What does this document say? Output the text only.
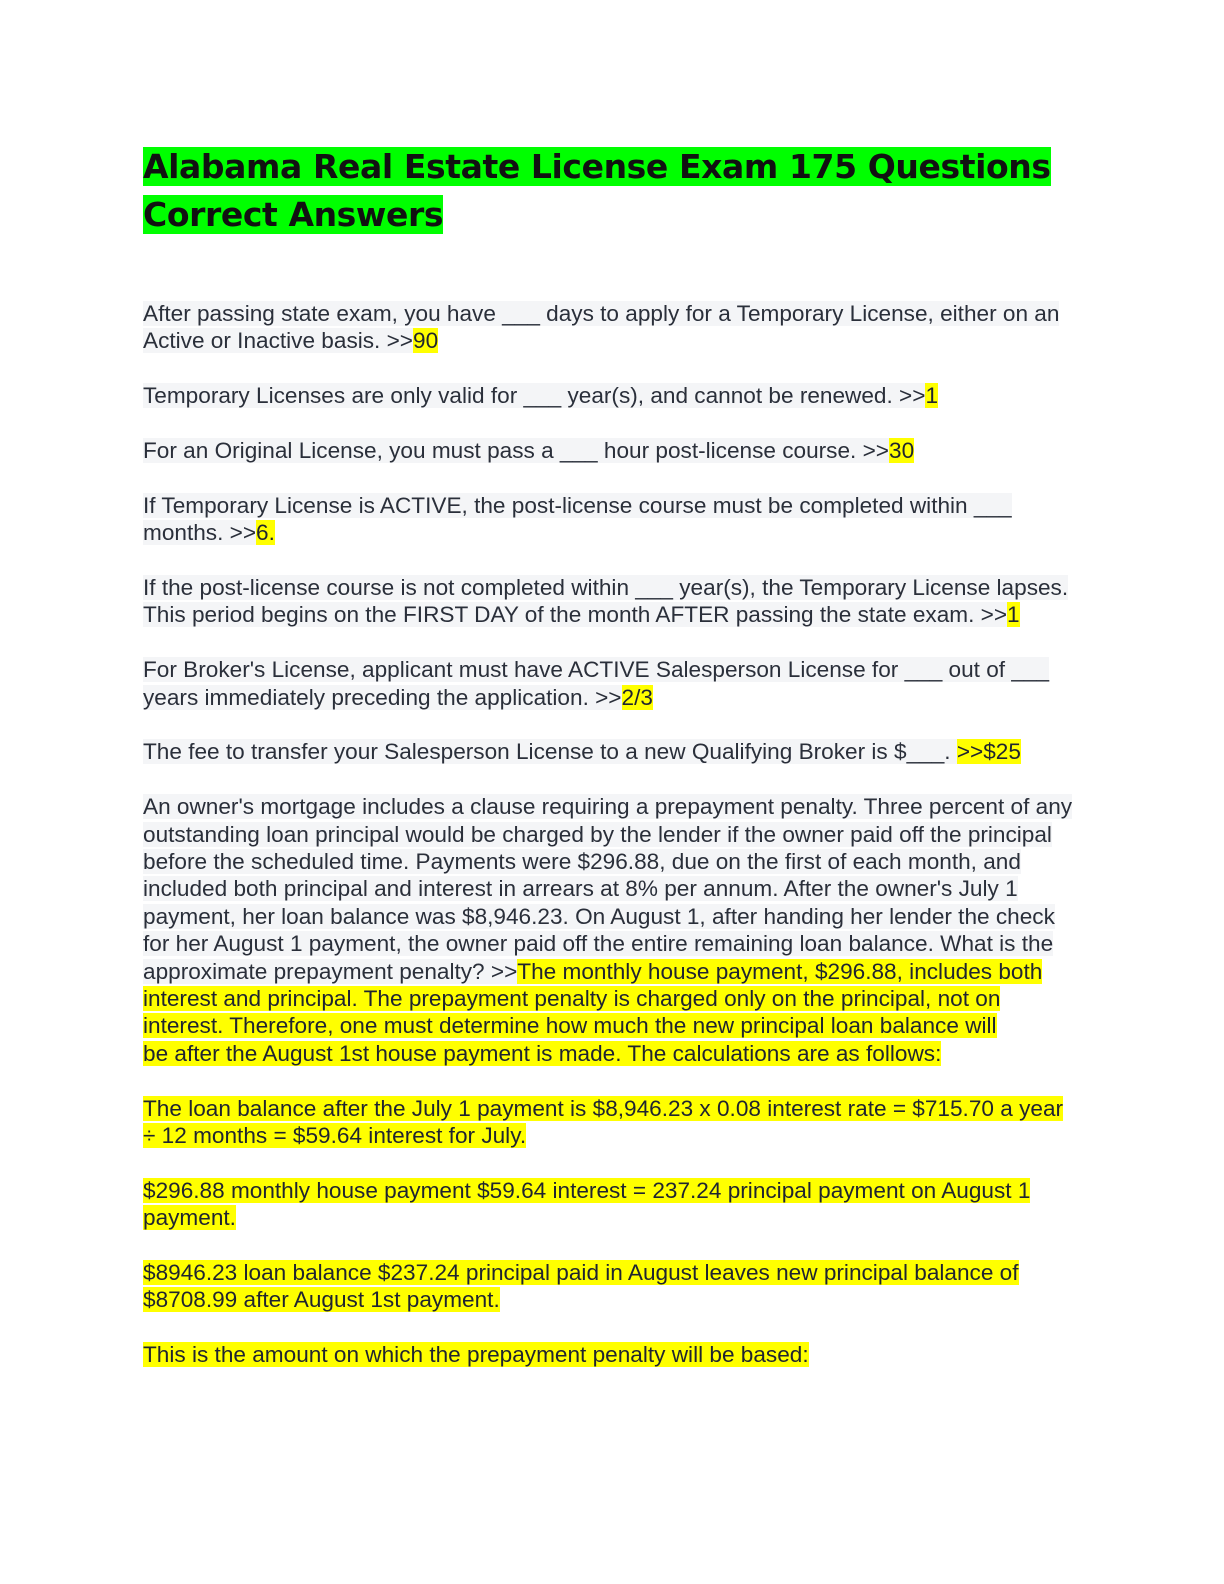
Alabama Real Estate License Exam 175 Questions Correct Answers

After passing state exam, you have ___ days to apply for a Temporary License, either on an Active or Inactive basis. >>90

Temporary Licenses are only valid for ___ year(s), and cannot be renewed. >>1

For an Original License, you must pass a ___ hour post-license course. >>30

If Temporary License is ACTIVE, the post-license course must be completed within ___ months. >>6.

If the post-license course is not completed within ___ year(s), the Temporary License lapses. This period begins on the FIRST DAY of the month AFTER passing the state exam. >>1

For Broker's License, applicant must have ACTIVE Salesperson License for ___ out of ___ years immediately preceding the application. >>2/3

The fee to transfer your Salesperson License to a new Qualifying Broker is $___. >>$25

An owner's mortgage includes a clause requiring a prepayment penalty. Three percent of any outstanding loan principal would be charged by the lender if the owner paid off the principal before the scheduled time. Payments were $296.88, due on the first of each month, and included both principal and interest in arrears at 8% per annum. After the owner's July 1 payment, her loan balance was $8,946.23. On August 1, after handing her lender the check for her August 1 payment, the owner paid off the entire remaining loan balance. What is the approximate prepayment penalty? >>The monthly house payment, $296.88, includes both interest and principal. The prepayment penalty is charged only on the principal, not on interest. Therefore, one must determine how much the new principal loan balance will
be after the August 1st house payment is made. The calculations are as follows:

The loan balance after the July 1 payment is $8,946.23 x 0.08 interest rate = $715.70 a year ÷ 12 months = $59.64 interest for July.

$296.88 monthly house payment $59.64 interest = 237.24 principal payment on August 1 payment.

$8946.23 loan balance $237.24 principal paid in August leaves new principal balance of $8708.99 after August 1st payment.

This is the amount on which the prepayment penalty will be based:
